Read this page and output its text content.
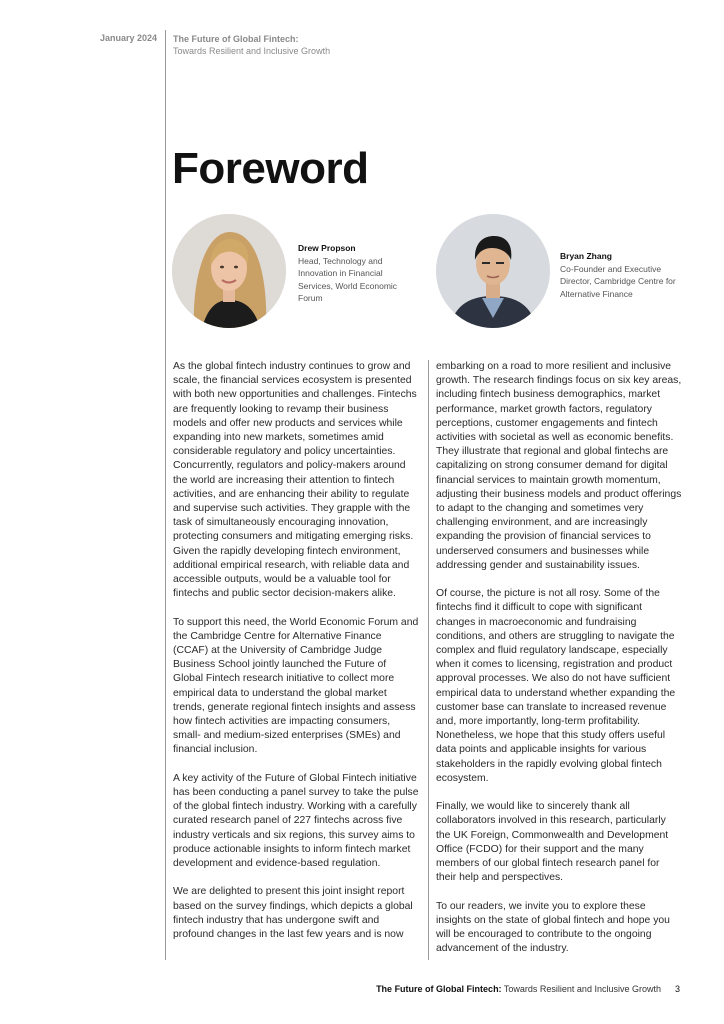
January 2024 The Future of Global Fintech:
Towards Resilient and Inclusive Growth
Foreword
Drew Propson
Head, Technology and Innovation in Financial Services, World Economic Forum
Bryan Zhang
Co-Founder and Executive Director, Cambridge Centre for Alternative Finance

As the global fintech industry continues to grow and scale, the financial services ecosystem is presented with both new opportunities and challenges. Fintechs are frequently looking to revamp their business models and offer new products and services while expanding into new markets, sometimes amid considerable regulatory and policy uncertainties. Concurrently, regulators and policy-makers around the world are increasing their attention to fintech activities, and are enhancing their ability to regulate and supervise such activities. They grapple with the task of simultaneously encouraging innovation, protecting consumers and mitigating emerging risks. Given the rapidly developing fintech environment, additional empirical research, with reliable data and accessible outputs, would be a valuable tool for fintechs and public sector decision-makers alike.

To support this need, the World Economic Forum and the Cambridge Centre for Alternative Finance (CCAF) at the University of Cambridge Judge Business School jointly launched the Future of Global Fintech research initiative to collect more empirical data to understand the global market trends, generate regional fintech insights and assess how fintech activities are impacting consumers, small- and medium-sized enterprises (SMEs) and financial inclusion.

A key activity of the Future of Global Fintech initiative has been conducting a panel survey to take the pulse of the global fintech industry. Working with a carefully curated research panel of 227 fintechs across five industry verticals and six regions, this survey aims to produce actionable insights to inform fintech market development and evidence-based regulation.

We are delighted to present this joint insight report based on the survey findings, which depicts a global fintech industry that has undergone swift and profound changes in the last few years and is now

embarking on a road to more resilient and inclusive growth. The research findings focus on six key areas, including fintech business demographics, market performance, market growth factors, regulatory perceptions, customer engagements and fintech activities with societal as well as economic benefits. They illustrate that regional and global fintechs are capitalizing on strong consumer demand for digital financial services to maintain growth momentum, adjusting their business models and product offerings to adapt to the changing and sometimes very challenging environment, and are increasingly expanding the provision of financial services to underserved consumers and businesses while addressing gender and sustainability issues.

Of course, the picture is not all rosy. Some of the fintechs find it difficult to cope with significant changes in macroeconomic and fundraising conditions, and others are struggling to navigate the complex and fluid regulatory landscape, especially when it comes to licensing, registration and product approval processes. We also do not have sufficient empirical data to understand whether expanding the customer base can translate to increased revenue and, more importantly, long-term profitability. Nonetheless, we hope that this study offers useful data points and applicable insights for various stakeholders in the rapidly evolving global fintech ecosystem.

Finally, we would like to sincerely thank all collaborators involved in this research, particularly the UK Foreign, Commonwealth and Development Office (FCDO) for their support and the many members of our global fintech research panel for their help and perspectives.

To our readers, we invite you to explore these insights on the state of global fintech and hope you will be encouraged to contribute to the ongoing advancement of the industry.

The Future of Global Fintech: Towards Resilient and Inclusive Growth 3
